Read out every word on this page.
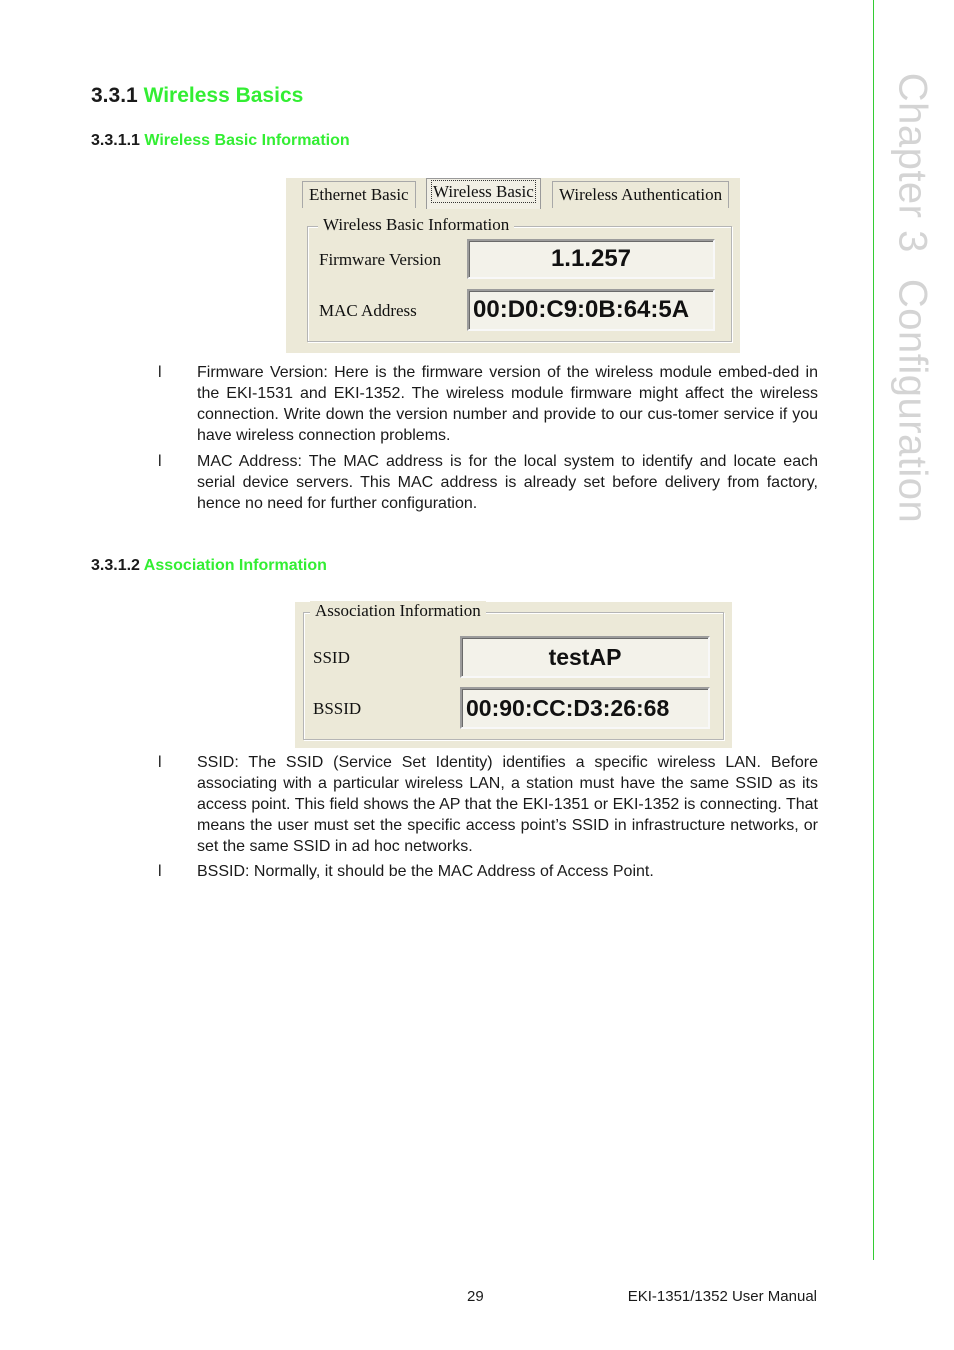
Chapter 3Configuration
3.3.1 Wireless Basics
3.3.1.1 Wireless Basic Information
Ethernet Basic	Wireless Basic	Wireless Authentication
Wireless Basic Information
Firmware Version	1.1.257
MAC Address 00:D0:C9:0B:64:5A
l	Firmware Version: Here is the firmware version of the wireless module embed-ded in the EKI-1531 and EKI-1352. The wireless module firmware might affect the wireless connection. Write down the version number and provide to our cus-tomer service if you have wireless connection problems.
l	MAC Address: The MAC address is for the local system to identify and locate each serial device servers. This MAC address is already set before delivery from factory, hence no need for further configuration.
3.3.1.2 Association Information
Association Information
SSID	testAP
BSSID	00:90:CC:D3:26:68
l	SSID: The SSID (Service Set Identity) identifies a specific wireless LAN. Before associating with a particular wireless LAN, a station must have the same SSID as its access point. This field shows the AP that the EKI-1351 or EKI-1352 is connecting. That means the user must set the specific access point’s SSID in infrastructure networks, or set the same SSID in ad hoc networks.
l	BSSID: Normally, it should be the MAC Address of Access Point.
29	EKI-1351/1352 User Manual
